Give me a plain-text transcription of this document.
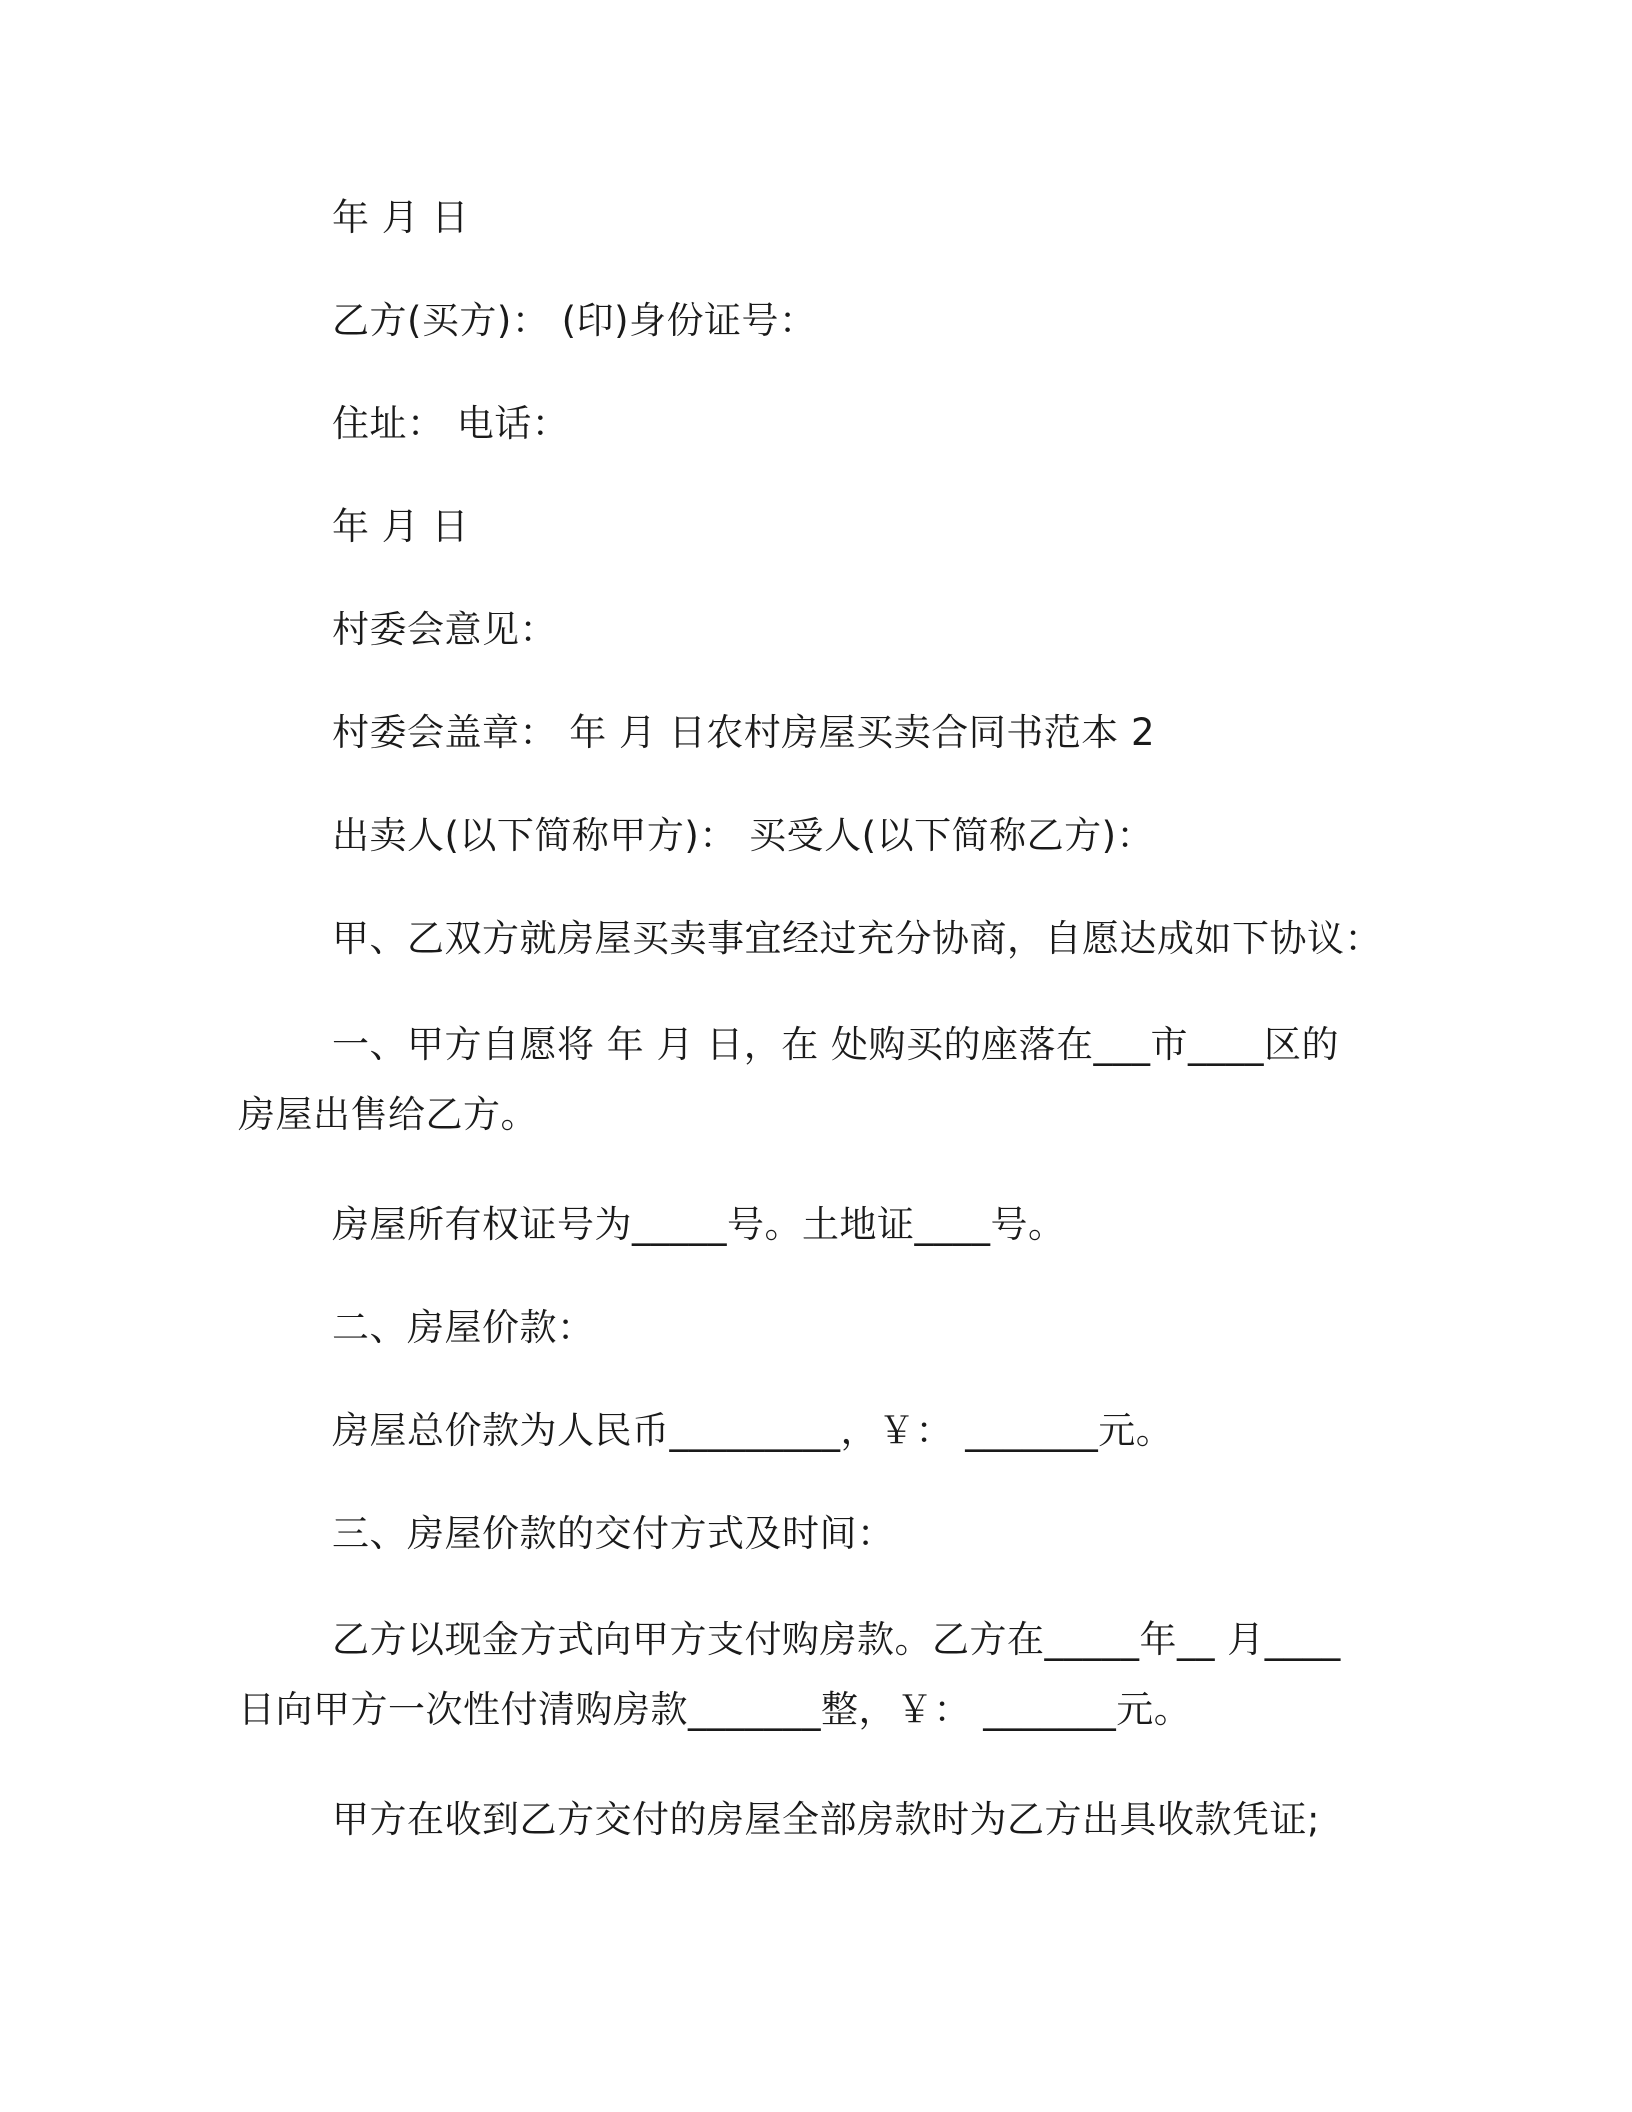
年 月 日
乙方(买方)： (印)身份证号：
住址： 电话：
年 月 日
村委会意见：
村委会盖章： 年 月 日农村房屋买卖合同书范本 2
出卖人(以下简称甲方)： 买受人(以下简称乙方)：
甲、乙双方就房屋买卖事宜经过充分协商，自愿达成如下协议：
一、甲方自愿将 年 月 日，在 处购买的座落在___市____区的房屋出售给乙方。
房屋所有权证号为_____号。土地证____号。
二、房屋价款：
房屋总价款为人民币_________，￥： _______元。
三、房屋价款的交付方式及时间：
乙方以现金方式向甲方支付购房款。乙方在_____年__ 月____日向甲方一次性付清购房款_______整，￥： _______元。
甲方在收到乙方交付的房屋全部房款时为乙方出具收款凭证;
